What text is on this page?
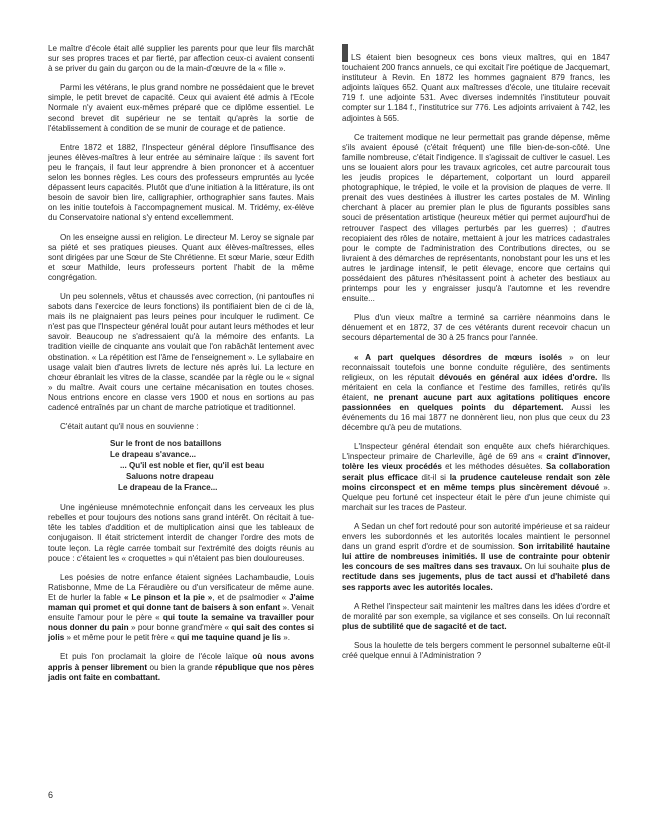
Le maître d'école était allé supplier les parents pour que leur fils marchât sur ses propres traces et par fierté, par affection ceux-ci avaient consenti à se priver du gain du garçon ou de la main-d'œuvre de la « fille ».

Parmi les vétérans, le plus grand nombre ne possédaient que le brevet simple, le petit brevet de capacité. Ceux qui avaient été admis à l'Ecole Normale n'y avaient eux-mêmes préparé que ce diplôme essentiel. Le second brevet dit supérieur ne se tentait qu'après la sortie de l'établissement à condition de se munir de courage et de patience.

Entre 1872 et 1882, l'Inspecteur général déplore l'insuffisance des jeunes élèves-maîtres à leur entrée au séminaire laïque : ils savent fort peu le français, il faut leur apprendre à bien prononcer et à accentuer selon les bonnes règles. Les cours des professeurs empruntés au lycée dépassent leurs capacités. Plutôt que d'une initiation à la littérature, ils ont besoin de savoir bien lire, calligraphier, orthographier sans fautes. Mais on les initie toutefois à l'accompagnement musical. M. Tridémy, ex-élève du Conservatoire national s'y entend excellemment.

On les enseigne aussi en religion. Le directeur M. Leroy se signale par sa piété et ses pratiques pieuses. Quant aux élèves-maîtresses, elles sont dirigées par une Sœur de Ste Chrétienne. Et sœur Marie, sœur Edith et sœur Mathilde, leurs professeurs portent l'habit de la même congrégation.

Un peu solennels, vêtus et chaussés avec correction, (ni pantoufles ni sabots dans l'exercice de leurs fonctions) ils pontifiaient bien de ci de là, mais ils ne plaignaient pas leurs peines pour inculquer le rudiment. Ce n'est pas que l'Inspecteur général louât pour autant leurs méthodes et leur savoir. Beaucoup ne s'adressaient qu'à la mémoire des enfants. La tradition vieille de cinquante ans voulait que l'on rabâchât lentement avec obstination. « La répétition est l'âme de l'enseignement ». Le syllabaire en usage valait bien d'autres livrets de lecture nés après lui. La lecture en chœur ébranlait les vitres de la classe, scandée par la règle ou le « signal » du maître. Avait cours une certaine mécanisation en toutes choses. Nous entrions encore en classe vers 1900 et nous en sortions au pas cadencé entraînés par un chant de marche patriotique et traditionnel.

C'était autant qu'il nous en souvienne :

Sur le front de nos bataillons
Le drapeau s'avance...
... Qu'il est noble et fier, qu'il est beau
Saluons notre drapeau
Le drapeau de la France...

Une ingénieuse mnémotechnie enfonçait dans les cerveaux les plus rebelles et pour toujours des notions sans grand intérêt. On récitait à tue-tête les tables d'addition et de multiplication ainsi que les tableaux de conjugaison. Il était strictement interdit de changer l'ordre des mots de toute leçon. La règle carrée tombait sur l'extrémité des doigts réunis au pouce : c'étaient les « croquettes » qui n'étaient pas bien douloureuses.

Les poésies de notre enfance étaient signées Lachambaudie, Louis Ratisbonne, Mme de La Féraudière ou d'un versificateur de même aune. Et de hurler la fable « Le pinson et la pie », et de psalmodier « J'aime maman qui promet et qui donne tant de baisers à son enfant ». Venait ensuite l'amour pour le père « qui toute la semaine va travailler pour nous donner du pain » pour bonne grand'mère « qui sait des contes si jolis » et même pour le petit frère « qui me taquine quand je lis ».

Et puis l'on proclamait la gloire de l'école laïque où nous avons appris à penser librement ou bien la grande république que nos pères jadis ont faite en combattant.

LS étaient bien besogneux ces bons vieux maîtres, qui en 1847 touchaient 200 francs annuels, ce qui excitait l'ire poétique de Jacquemart, instituteur à Revin. En 1872 les hommes gagnaient 879 francs, les adjoints laïques 652. Quant aux maîtresses d'école, une titulaire recevait 719 f. une adjointe 531. Avec diverses indemnités l'instituteur pouvait compter sur 1.184 f., l'institutrice sur 776. Les adjoints arrivaient à 742, les adjointes à 565.

Ce traitement modique ne leur permettait pas grande dépense, même s'ils avaient épousé (c'était fréquent) une fille bien-de-son-côté. Une famille nombreuse, c'était l'indigence. Il s'agissait de cultiver le casuel. Les uns se louaient alors pour les travaux agricoles, cet autre parcourait tous les jeudis propices le département, colportant un lourd appareil photographique, le trépied, le voile et la provision de plaques de verre. Il prenait des vues destinées à illustrer les cartes postales de M. Winling cherchant à placer au premier plan le plus de figurants possibles sans souci de présentation artistique (heureux métier qui permet aujourd'hui de retrouver l'aspect des villages perturbés par les guerres) ; d'autres recopiaient des rôles de notaire, mettaient à jour les matrices cadastrales pour le compte de l'administration des Contributions directes, ou se livraient à des démarches de représentants, nonobstant pour les uns et les autres le jardinage intensif, le petit élevage, encore que certains qui possédaient des pâtures n'hésitassent point à acheter des bestiaux au printemps pour les y engraisser jusqu'à l'automne et les revendre ensuite...

Plus d'un vieux maître a terminé sa carrière néanmoins dans le dénuement et en 1872, 37 de ces vétérants durent recevoir chacun un secours départemental de 30 à 25 francs pour l'année.

« A part quelques désordres de mœurs isolés » on leur reconnaissait toutefois une bonne conduite régulière, des sentiments religieux, on les réputait dévoués en général aux idées d'ordre. Ils méritaient en cela la confiance et l'estime des familles, retirés qu'ils étaient, ne prenant aucune part aux agitations politiques encore passionnées en quelques points du département. Aussi les événements du 16 mai 1877 ne donnèrent lieu, non plus que ceux du 23 décembre qu'à peu de mutations.

L'Inspecteur général étendait son enquête aux chefs hiérarchiques. L'inspecteur primaire de Charleville, âgé de 69 ans « craint d'innover, tolère les vieux procédés et les méthodes désuètes. Sa collaboration serait plus efficace dit-il si la prudence cauteleuse rendait son zèle moins circonspect et en même temps plus sincèrement dévoué ». Quelque peu fortuné cet inspecteur était le père d'un jeune chimiste qui marchait sur les traces de Pasteur.

A Sedan un chef fort redouté pour son autorité impérieuse et sa raideur envers les subordonnés et les autorités locales maintient le personnel dans un grand esprit d'ordre et de soumission. Son irritabilité hautaine lui attire de nombreuses inimitiés. Il use de contrainte pour obtenir les concours de ses maîtres dans ses travaux. On lui souhaite plus de rectitude dans ses jugements, plus de tact aussi et d'habileté dans ses rapports avec les autorités locales.

A Rethel l'inspecteur sait maintenir les maîtres dans les idées d'ordre et de moralité par son exemple, sa vigilance et ses conseils. On lui reconnaît plus de subtilité que de sagacité et de tact.

Sous la houlette de tels bergers comment le personnel subalterne eût-il créé quelque ennui à l'Administration ?

6
